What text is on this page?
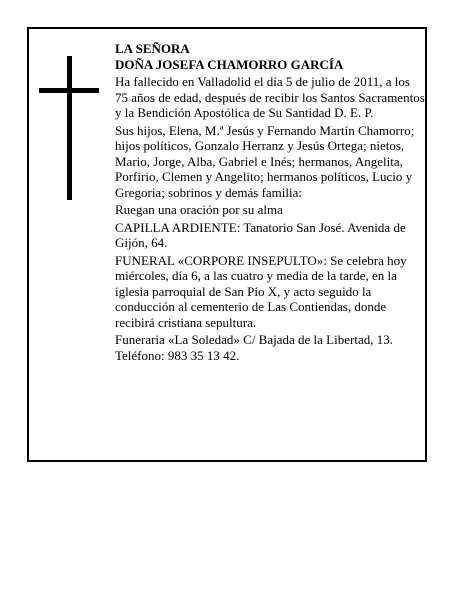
LA SEÑORA

DOÑA JOSEFA CHAMORRO GARCÍA

Ha fallecido en Valladolid el día 5 de julio de 2011, a los 75 años de edad, después de recibir los Santos Sacramentos y la Bendición Apostólica de Su Santidad D. E. P.

Sus hijos, Elena, M.ª Jesús y Fernando Martín Chamorro; hijos políticos, Gonzalo Herranz y Jesús Ortega; nietos, Mario, Jorge, Alba, Gabriel e Inés; hermanos, Angelita, Porfirio, Clemen y Angelito; hermanos políticos, Lucio y Gregoria; sobrinos y demás familia:

Ruegan una oración por su alma

CAPILLA ARDIENTE: Tanatorio San José. Avenida de Gijón, 64.

FUNERAL «CORPORE INSEPULTO»: Se celebra hoy miércoles, día 6, a las cuatro y media de la tarde, en la iglesia parroquial de San Pío X, y acto seguido la conducción al cementerio de Las Contiendas, donde recibirá cristiana sepultura.

Funeraria «La Soledad» C/ Bajada de la Libertad, 13. Teléfono: 983 35 13 42.
